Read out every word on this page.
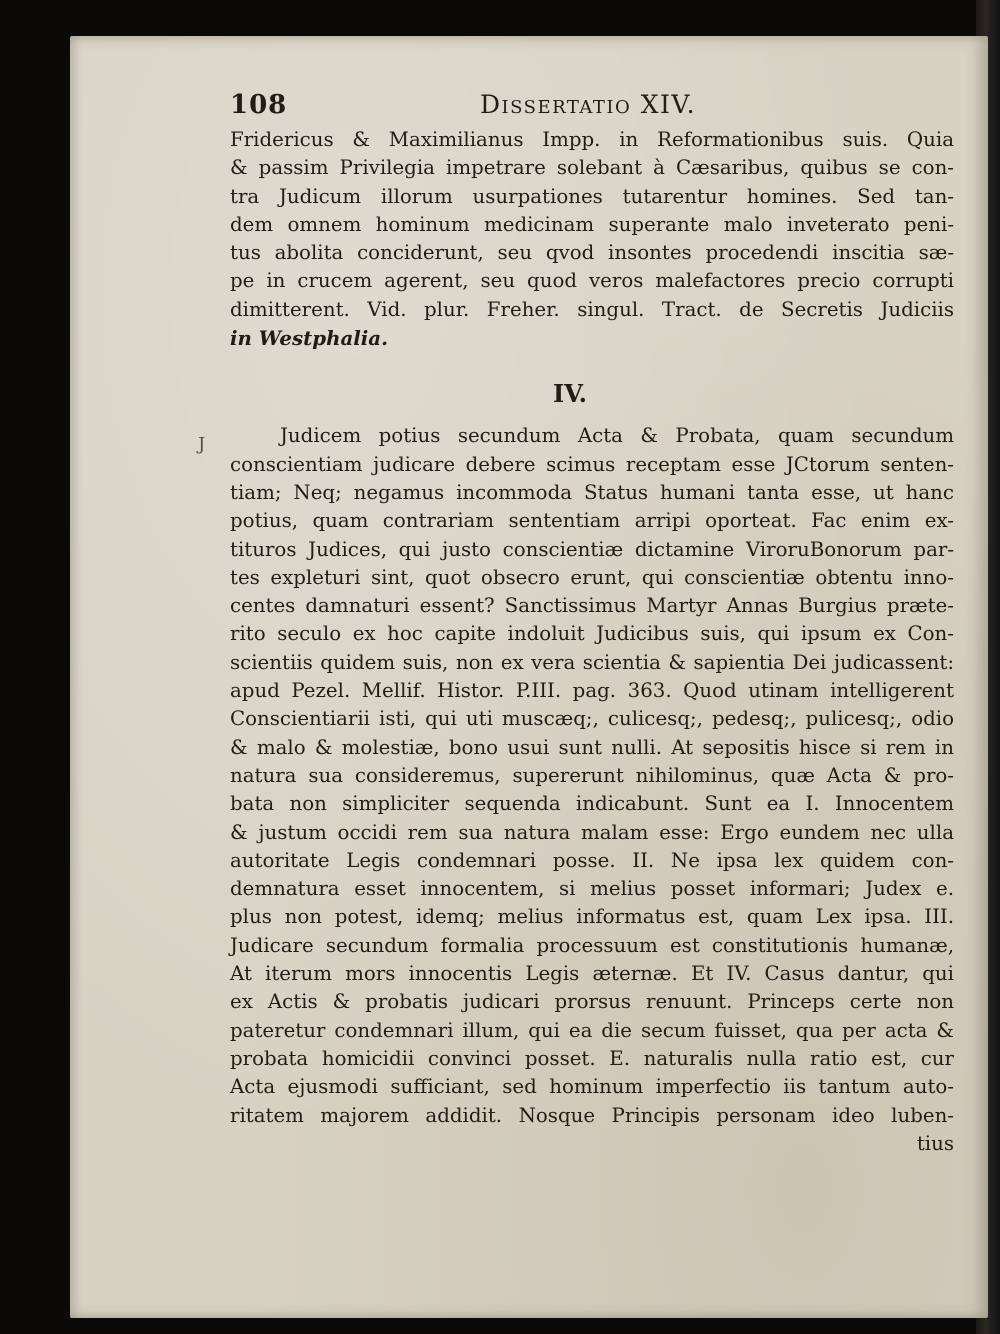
108	Dissertatio XIV.
Fridericus & Maximilianus Impp. in Reformationibus suis. Quia
& passim Privilegia impetrare solebant à Cæsaribus, quibus se con-
tra Judicum illorum usurpationes tutarentur homines. Sed tan-
dem omnem hominum medicinam superante malo inveterato peni-
tus abolita conciderunt, seu qvod insontes procedendi inscitia sæ-
pe in crucem agerent, seu quod veros malefactores precio corrupti
dimitterent. Vid. plur. Freher. singul. Tract. de Secretis Judiciis
in Westphalia.
IV.
Judicem potius secundum Acta & Probata, quam secundum
conscientiam judicare debere scimus receptam esse JCtorum senten-
tiam; Neq; negamus incommoda Status humani tanta esse, ut hanc
potius, quam contrariam sententiam arripi oporteat. Fac enim ex-
tituros Judices, qui justo conscientiæ dictamine ViroruBonorum par-
tes expleturi sint, quot obsecro erunt, qui conscientiæ obtentu inno-
centes damnaturi essent? Sanctissimus Martyr Annas Burgius præte-
rito seculo ex hoc capite indoluit Judicibus suis, qui ipsum ex Con-
scientiis quidem suis, non ex vera scientia & sapientia Dei judicassent:
apud Pezel. Mellif. Histor. P.III. pag. 363. Quod utinam intelligerent
Conscientiarii isti, qui uti muscæq;, culicesq;, pedesq;, pulicesq;, odio
& malo & molestiæ, bono usui sunt nulli. At sepositis hisce si rem in
natura sua consideremus, supererunt nihilominus, quæ Acta & pro-
bata non simpliciter sequenda indicabunt. Sunt ea I. Innocentem
& justum occidi rem sua natura malam esse: Ergo eundem nec ulla
autoritate Legis condemnari posse. II. Ne ipsa lex quidem con-
demnatura esset innocentem, si melius posset informari; Judex e.
plus non potest, idemq; melius informatus est, quam Lex ipsa. III.
Judicare secundum formalia processuum est constitutionis humanæ,
At iterum mors innocentis Legis æternæ. Et IV. Casus dantur, qui
ex Actis & probatis judicari prorsus renuunt. Princeps certe non
pateretur condemnari illum, qui ea die secum fuisset, qua per acta &
probata homicidii convinci posset. E. naturalis nulla ratio est, cur
Acta ejusmodi sufficiant, sed hominum imperfectio iis tantum auto-
ritatem majorem addidit. Nosque Principis personam ideo luben-
tius
J
